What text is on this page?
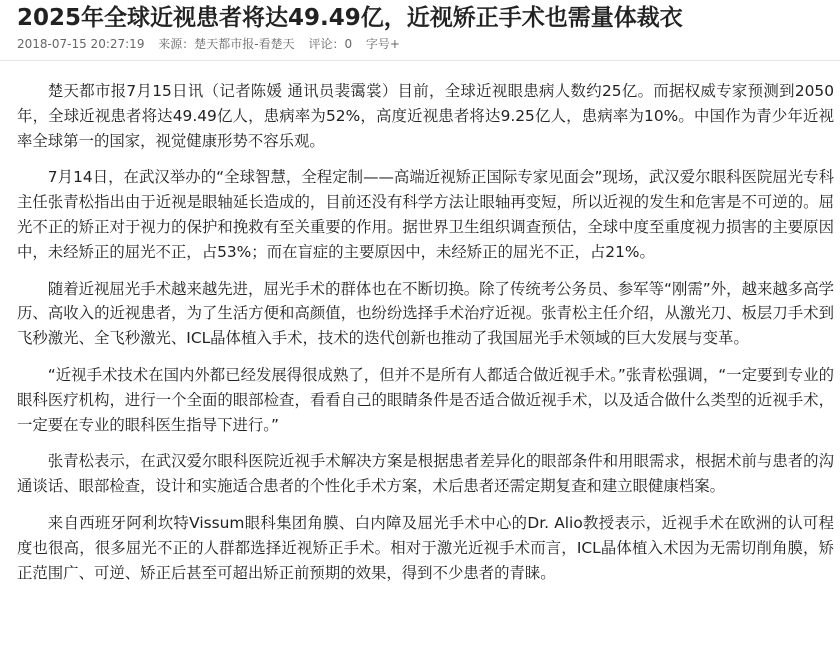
2025年全球近视患者将达49.49亿，近视矫正手术也需量体裁衣
2018-07-15 20:27:19 来源：楚天都市报-看楚天 评论：0 字号+

楚天都市报7月15日讯（记者陈媛 通讯员裴霭裳）目前，全球近视眼患病人数约25亿。而据权威专家预测到2050年，全球近视患者将达49.49亿人，患病率为52%，高度近视患者将达9.25亿人，患病率为10%。中国作为青少年近视率全球第一的国家，视觉健康形势不容乐观。

7月14日，在武汉举办的“全球智慧，全程定制——高端近视矫正国际专家见面会”现场，武汉爱尔眼科医院屈光专科主任张青松指出由于近视是眼轴延长造成的，目前还没有科学方法让眼轴再变短，所以近视的发生和危害是不可逆的。屈光不正的矫正对于视力的保护和挽救有至关重要的作用。据世界卫生组织调查预估，全球中度至重度视力损害的主要原因中，未经矫正的屈光不正，占53%；而在盲症的主要原因中，未经矫正的屈光不正，占21%。

随着近视屈光手术越来越先进，屈光手术的群体也在不断切换。除了传统考公务员、参军等“刚需”外，越来越多高学历、高收入的近视患者，为了生活方便和高颜值，也纷纷选择手术治疗近视。张青松主任介绍，从激光刀、板层刀手术到飞秒激光、全飞秒激光、ICL晶体植入手术，技术的迭代创新也推动了我国屈光手术领域的巨大发展与变革。

“近视手术技术在国内外都已经发展得很成熟了，但并不是所有人都适合做近视手术。”张青松强调，“一定要到专业的眼科医疗机构，进行一个全面的眼部检查，看看自己的眼睛条件是否适合做近视手术，以及适合做什么类型的近视手术，一定要在专业的眼科医生指导下进行。”

张青松表示，在武汉爱尔眼科医院近视手术解决方案是根据患者差异化的眼部条件和用眼需求，根据术前与患者的沟通谈话、眼部检查，设计和实施适合患者的个性化手术方案，术后患者还需定期复查和建立眼健康档案。

来自西班牙阿利坎特Vissum眼科集团角膜、白内障及屈光手术中心的Dr. Alio教授表示，近视手术在欧洲的认可程度也很高，很多屈光不正的人群都选择近视矫正手术。相对于激光近视手术而言，ICL晶体植入术因为无需切削角膜，矫正范围广、可逆、矫正后甚至可超出矫正前预期的效果，得到不少患者的青睐。
